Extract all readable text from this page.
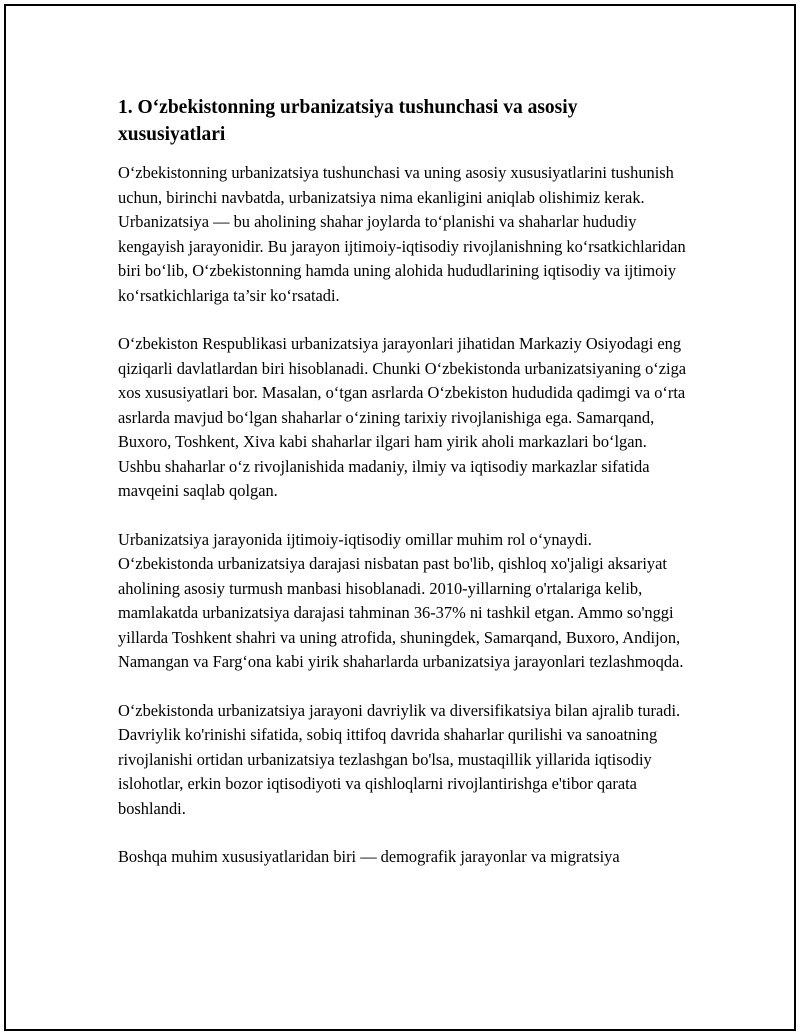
1. O‘zbekistonning urbanizatsiya tushunchasi va asosiy xususiyatlari

O‘zbekistonning urbanizatsiya tushunchasi va uning asosiy xususiyatlarini tushunish uchun, birinchi navbatda, urbanizatsiya nima ekanligini aniqlab olishimiz kerak. Urbanizatsiya — bu aholining shahar joylarda to‘planishi va shaharlar hududiy kengayish jarayonidir. Bu jarayon ijtimoiy-iqtisodiy rivojlanishning ko‘rsatkichlaridan biri bo‘lib, O‘zbekistonning hamda uning alohida hududlarining iqtisodiy va ijtimoiy ko‘rsatkichlariga ta’sir ko‘rsatadi.

O‘zbekiston Respublikasi urbanizatsiya jarayonlari jihatidan Markaziy Osiyodagi eng qiziqarli davlatlardan biri hisoblanadi. Chunki O‘zbekistonda urbanizatsiyaning o‘ziga xos xususiyatlari bor. Masalan, o‘tgan asrlarda O‘zbekiston hududida qadimgi va o‘rta asrlarda mavjud bo‘lgan shaharlar o‘zining tarixiy rivojlanishiga ega. Samarqand, Buxoro, Toshkent, Xiva kabi shaharlar ilgari ham yirik aholi markazlari bo‘lgan. Ushbu shaharlar o‘z rivojlanishida madaniy, ilmiy va iqtisodiy markazlar sifatida mavqeini saqlab qolgan.

Urbanizatsiya jarayonida ijtimoiy-iqtisodiy omillar muhim rol o‘ynaydi. O‘zbekistonda urbanizatsiya darajasi nisbatan past bo'lib, qishloq xo'jaligi aksariyat aholining asosiy turmush manbasi hisoblanadi. 2010-yillarning o'rtalariga kelib, mamlakatda urbanizatsiya darajasi tahminan 36-37% ni tashkil etgan. Ammo so'nggi yillarda Toshkent shahri va uning atrofida, shuningdek, Samarqand, Buxoro, Andijon, Namangan va Farg‘ona kabi yirik shaharlarda urbanizatsiya jarayonlari tezlashmoqda.

O‘zbekistonda urbanizatsiya jarayoni davriylik va diversifikatsiya bilan ajralib turadi. Davriylik ko'rinishi sifatida, sobiq ittifoq davrida shaharlar qurilishi va sanoatning rivojlanishi ortidan urbanizatsiya tezlashgan bo'lsa, mustaqillik yillarida iqtisodiy islohotlar, erkin bozor iqtisodiyoti va qishloqlarni rivojlantirishga e'tibor qarata boshlandi.

Boshqa muhim xususiyatlaridan biri — demografik jarayonlar va migratsiya
